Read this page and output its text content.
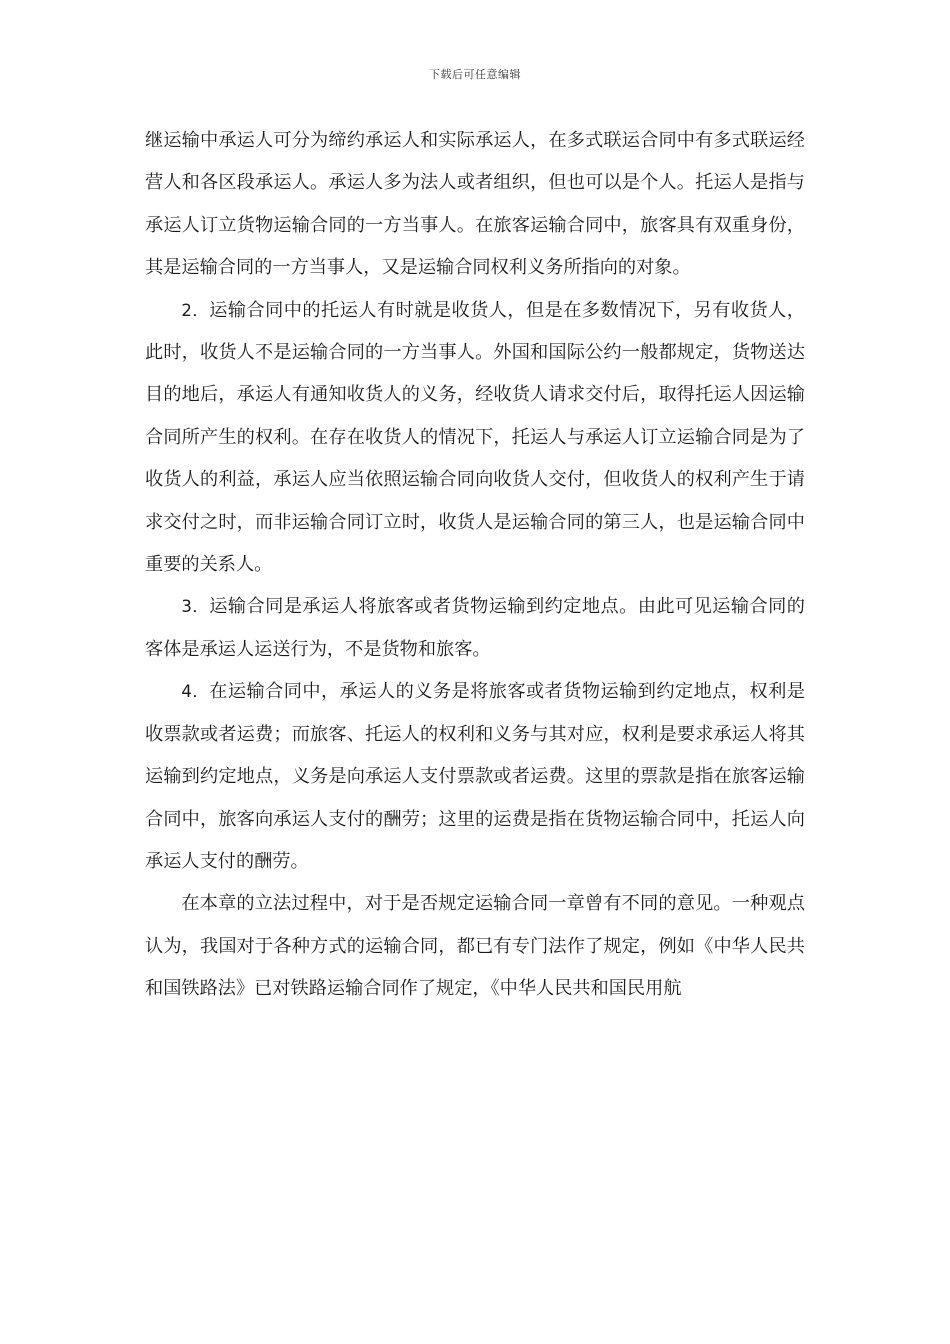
下载后可任意编辑

继运输中承运人可分为缔约承运人和实际承运人，在多式联运合同中有多式联运经营人和各区段承运人。承运人多为法人或者组织，但也可以是个人。托运人是指与承运人订立货物运输合同的一方当事人。在旅客运输合同中，旅客具有双重身份，其是运输合同的一方当事人，又是运输合同权利义务所指向的对象。

2．运输合同中的托运人有时就是收货人，但是在多数情况下，另有收货人，此时，收货人不是运输合同的一方当事人。外国和国际公约一般都规定，货物送达目的地后，承运人有通知收货人的义务，经收货人请求交付后，取得托运人因运输合同所产生的权利。在存在收货人的情况下，托运人与承运人订立运输合同是为了收货人的利益，承运人应当依照运输合同向收货人交付，但收货人的权利产生于请求交付之时，而非运输合同订立时，收货人是运输合同的第三人，也是运输合同中重要的关系人。

3．运输合同是承运人将旅客或者货物运输到约定地点。由此可见运输合同的客体是承运人运送行为，不是货物和旅客。

4．在运输合同中，承运人的义务是将旅客或者货物运输到约定地点，权利是收票款或者运费；而旅客、托运人的权利和义务与其对应，权利是要求承运人将其运输到约定地点，义务是向承运人支付票款或者运费。这里的票款是指在旅客运输合同中，旅客向承运人支付的酬劳；这里的运费是指在货物运输合同中，托运人向承运人支付的酬劳。

在本章的立法过程中，对于是否规定运输合同一章曾有不同的意见。一种观点认为，我国对于各种方式的运输合同，都已有专门法作了规定，例如《中华人民共和国铁路法》已对铁路运输合同作了规定，《中华人民共和国民用航
